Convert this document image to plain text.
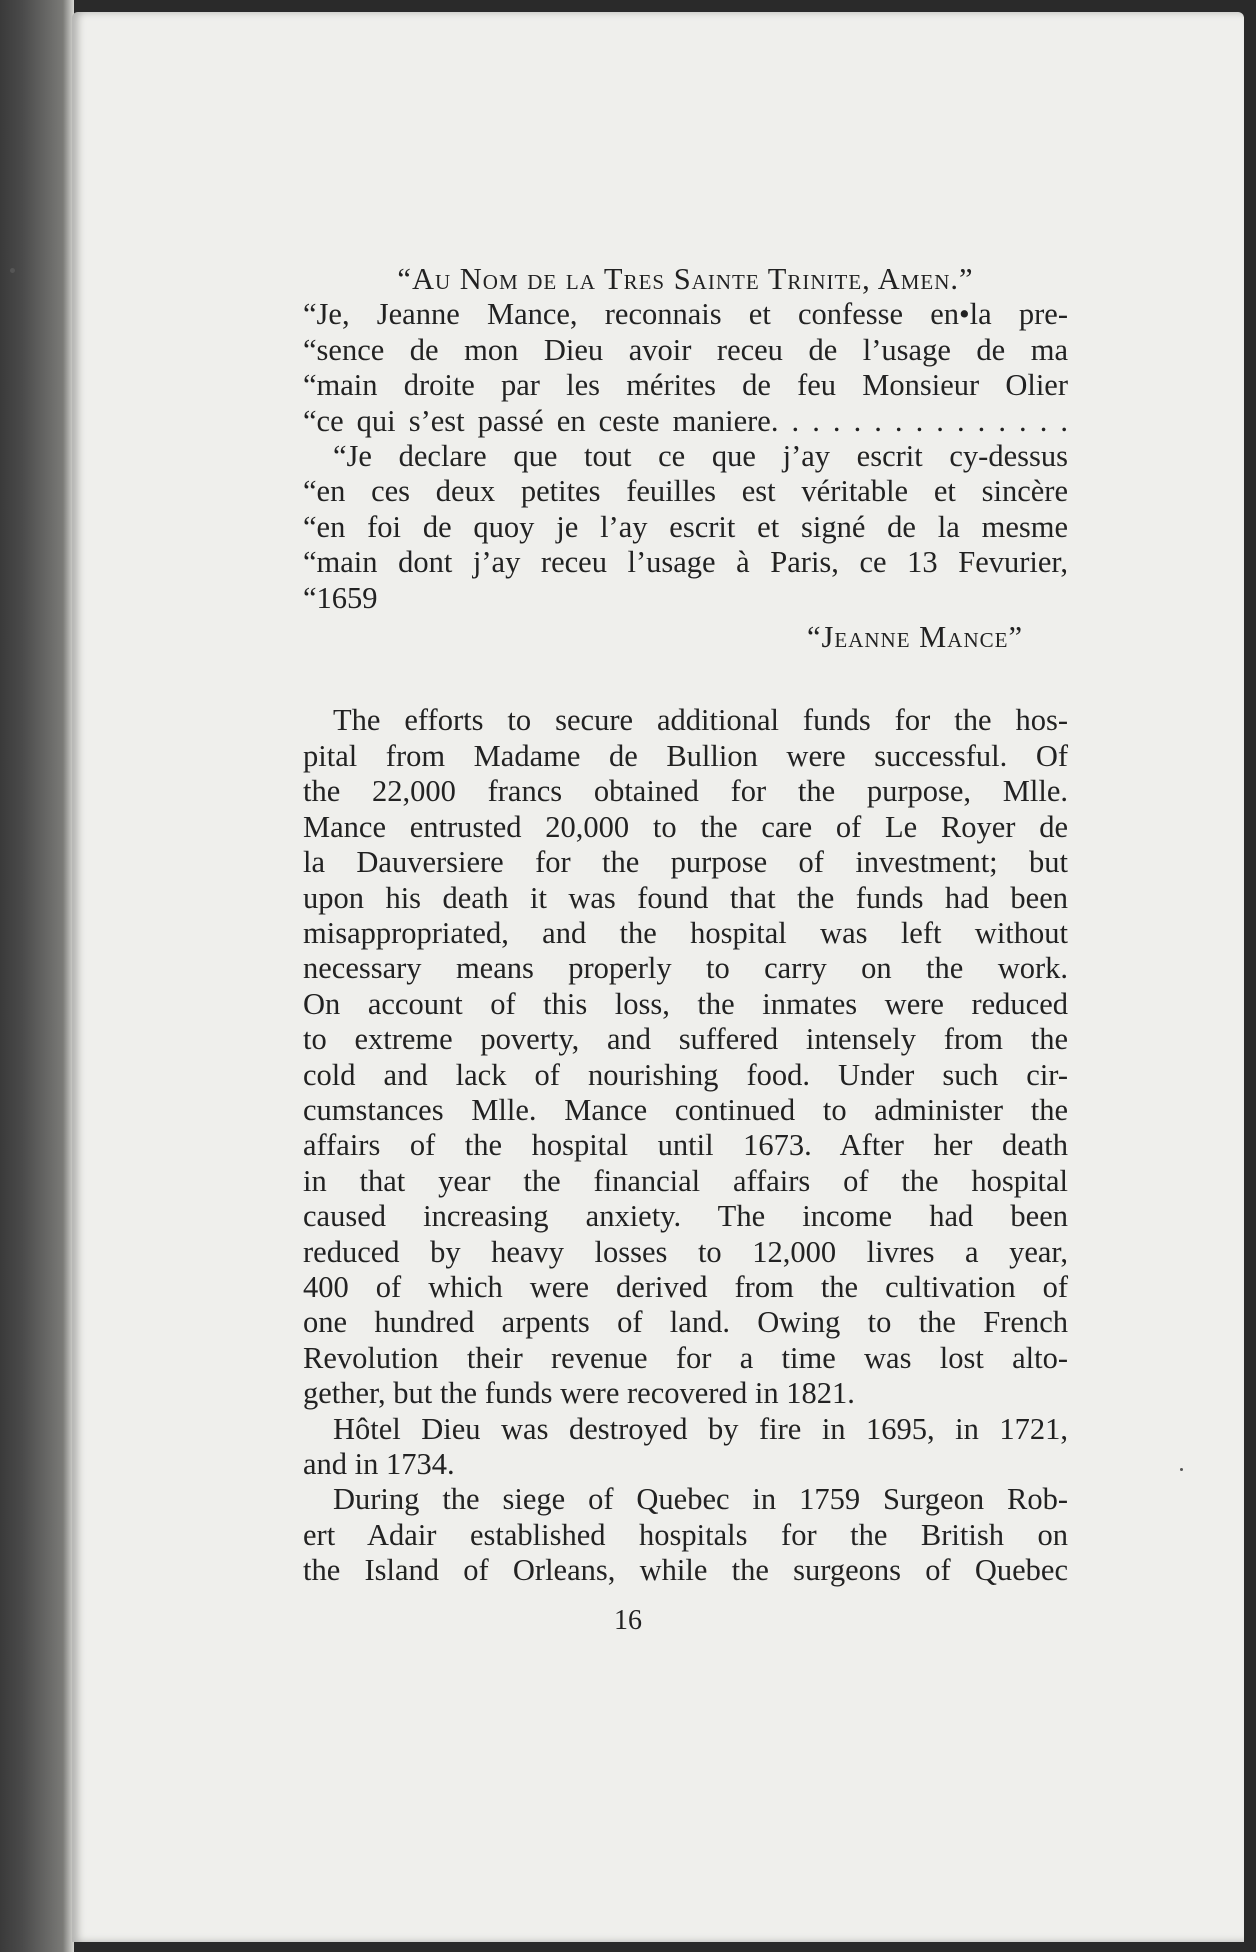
“Au Nom de la Tres Sainte Trinite, Amen.”
“Je, Jeanne Mance, reconnais et confesse en•la pre-
“sence de mon Dieu avoir receu de l’usage de ma
“main droite par les mérites de feu Monsieur Olier
“ce qui s’est passé en ceste maniere. . . . . . . . . . . . . . .
“Je declare que tout ce que j’ay escrit cy-dessus
“en ces deux petites feuilles est véritable et sincère
“en foi de quoy je l’ay escrit et signé de la mesme
“main dont j’ay receu l’usage à Paris, ce 13 Fevurier,
“1659
“Jeanne Mance”
The efforts to secure additional funds for the hos-
pital from Madame de Bullion were successful. Of
the 22,000 francs obtained for the purpose, Mlle.
Mance entrusted 20,000 to the care of Le Royer de
la Dauversiere for the purpose of investment; but
upon his death it was found that the funds had been
misappropriated, and the hospital was left without
necessary means properly to carry on the work.
On account of this loss, the inmates were reduced
to extreme poverty, and suffered intensely from the
cold and lack of nourishing food. Under such cir-
cumstances Mlle. Mance continued to administer the
affairs of the hospital until 1673. After her death
in that year the financial affairs of the hospital
caused increasing anxiety. The income had been
reduced by heavy losses to 12,000 livres a year,
400 of which were derived from the cultivation of
one hundred arpents of land. Owing to the French
Revolution their revenue for a time was lost alto-
gether, but the funds were recovered in 1821.
Hôtel Dieu was destroyed by fire in 1695, in 1721,
and in 1734.
During the siege of Quebec in 1759 Surgeon Rob-
ert Adair established hospitals for the British on
the Island of Orleans, while the surgeons of Quebec
16
